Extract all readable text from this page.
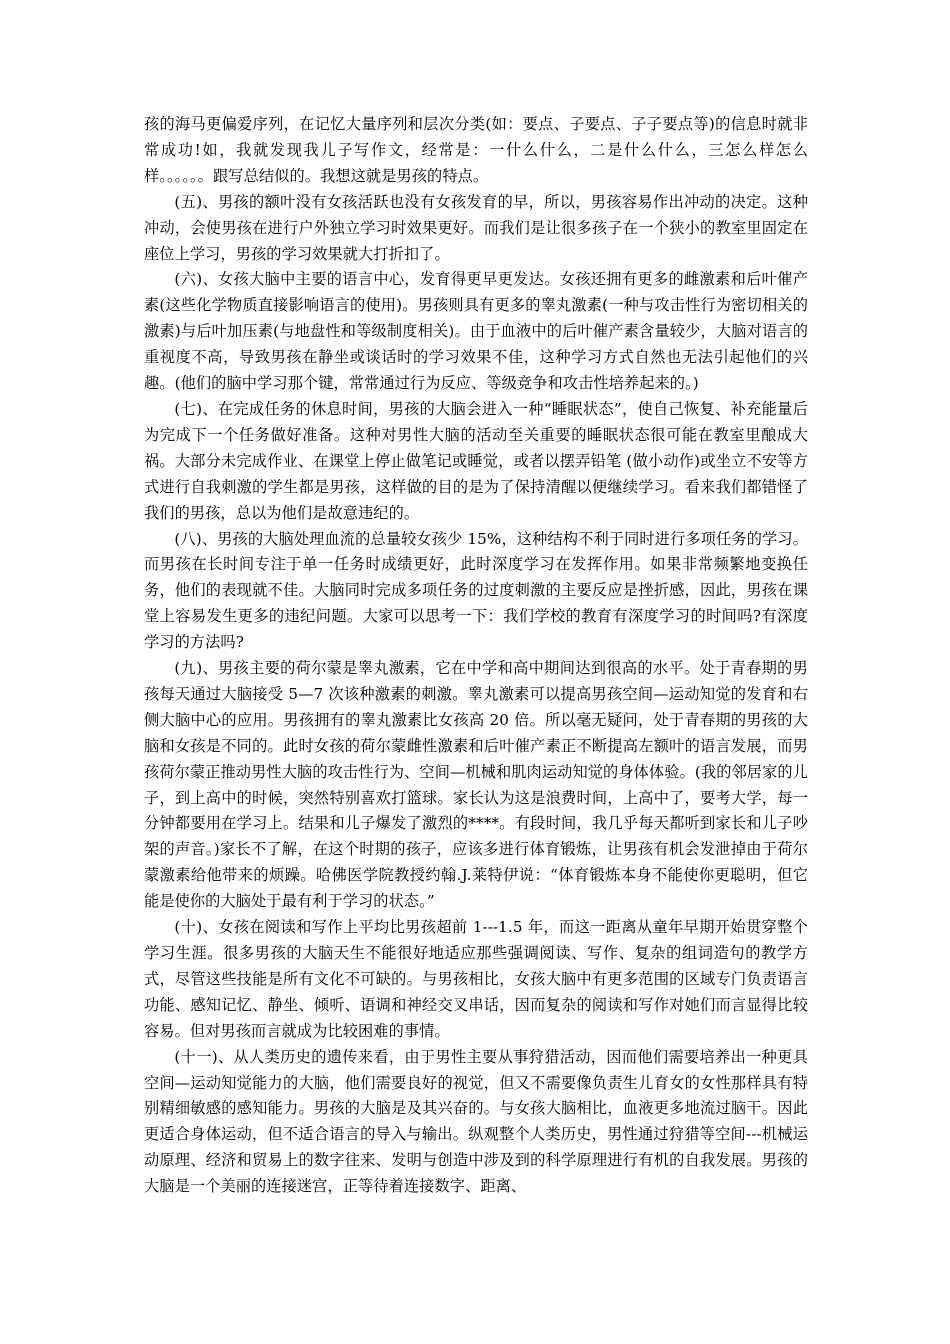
孩的海马更偏爱序列，在记忆大量序列和层次分类(如：要点、子要点、子子要点等)的信息时就非常成功!如，我就发现我儿子写作文，经常是：一什么什么，二是什么什么，三怎么样怎么样。。。。。。跟写总结似的。我想这就是男孩的特点。

(五)、男孩的额叶没有女孩活跃也没有女孩发育的早，所以，男孩容易作出冲动的决定。这种冲动，会使男孩在进行户外独立学习时效果更好。而我们是让很多孩子在一个狭小的教室里固定在座位上学习，男孩的学习效果就大打折扣了。

(六)、女孩大脑中主要的语言中心，发育得更早更发达。女孩还拥有更多的雌激素和后叶催产素(这些化学物质直接影响语言的使用)。男孩则具有更多的睾丸激素(一种与攻击性行为密切相关的激素)与后叶加压素(与地盘性和等级制度相关)。由于血液中的后叶催产素含量较少，大脑对语言的重视度不高，导致男孩在静坐或谈话时的学习效果不佳，这种学习方式自然也无法引起他们的兴趣。(他们的脑中学习那个键，常常通过行为反应、等级竞争和攻击性培养起来的。)

(七)、在完成任务的休息时间，男孩的大脑会进入一种“睡眠状态”，使自己恢复、补充能量后为完成下一个任务做好准备。这种对男性大脑的活动至关重要的睡眠状态很可能在教室里酿成大祸。大部分未完成作业、在课堂上停止做笔记或睡觉，或者以摆弄铅笔 (做小动作)或坐立不安等方式进行自我刺激的学生都是男孩，这样做的目的是为了保持清醒以便继续学习。看来我们都错怪了我们的男孩，总以为他们是故意违纪的。

(八)、男孩的大脑处理血流的总量较女孩少 15%，这种结构不利于同时进行多项任务的学习。而男孩在长时间专注于单一任务时成绩更好，此时深度学习在发挥作用。如果非常频繁地变换任务，他们的表现就不佳。大脑同时完成多项任务的过度刺激的主要反应是挫折感，因此，男孩在课堂上容易发生更多的违纪问题。大家可以思考一下：我们学校的教育有深度学习的时间吗?有深度学习的方法吗?

(九)、男孩主要的荷尔蒙是睾丸激素，它在中学和高中期间达到很高的水平。处于青春期的男孩每天通过大脑接受 5—7 次该种激素的刺激。睾丸激素可以提高男孩空间—运动知觉的发育和右侧大脑中心的应用。男孩拥有的睾丸激素比女孩高 20 倍。所以毫无疑问，处于青春期的男孩的大脑和女孩是不同的。此时女孩的荷尔蒙雌性激素和后叶催产素正不断提高左额叶的语言发展，而男孩荷尔蒙正推动男性大脑的攻击性行为、空间—机械和肌肉运动知觉的身体体验。(我的邻居家的儿子，到上高中的时候，突然特别喜欢打篮球。家长认为这是浪费时间，上高中了，要考大学，每一分钟都要用在学习上。结果和儿子爆发了激烈的****。有段时间，我几乎每天都听到家长和儿子吵架的声音。)家长不了解，在这个时期的孩子，应该多进行体育锻炼，让男孩有机会发泄掉由于荷尔蒙激素给他带来的烦躁。哈佛医学院教授约翰.J.莱特伊说：“体育锻炼本身不能使你更聪明，但它能是使你的大脑处于最有利于学习的状态。”

(十)、女孩在阅读和写作上平均比男孩超前 1---1.5 年，而这一距离从童年早期开始贯穿整个学习生涯。很多男孩的大脑天生不能很好地适应那些强调阅读、写作、复杂的组词造句的教学方式，尽管这些技能是所有文化不可缺的。与男孩相比，女孩大脑中有更多范围的区域专门负责语言功能、感知记忆、静坐、倾听、语调和神经交叉串话，因而复杂的阅读和写作对她们而言显得比较容易。但对男孩而言就成为比较困难的事情。

(十一)、从人类历史的遗传来看，由于男性主要从事狩猎活动，因而他们需要培养出一种更具空间—运动知觉能力的大脑，他们需要良好的视觉，但又不需要像负责生儿育女的女性那样具有特别精细敏感的感知能力。男孩的大脑是及其兴奋的。与女孩大脑相比，血液更多地流过脑干。因此更适合身体运动，但不适合语言的导入与输出。纵观整个人类历史，男性通过狩猎等空间---机械运动原理、经济和贸易上的数字往来、发明与创造中涉及到的科学原理进行有机的自我发展。男孩的大脑是一个美丽的连接迷宫，正等待着连接数字、距离、
